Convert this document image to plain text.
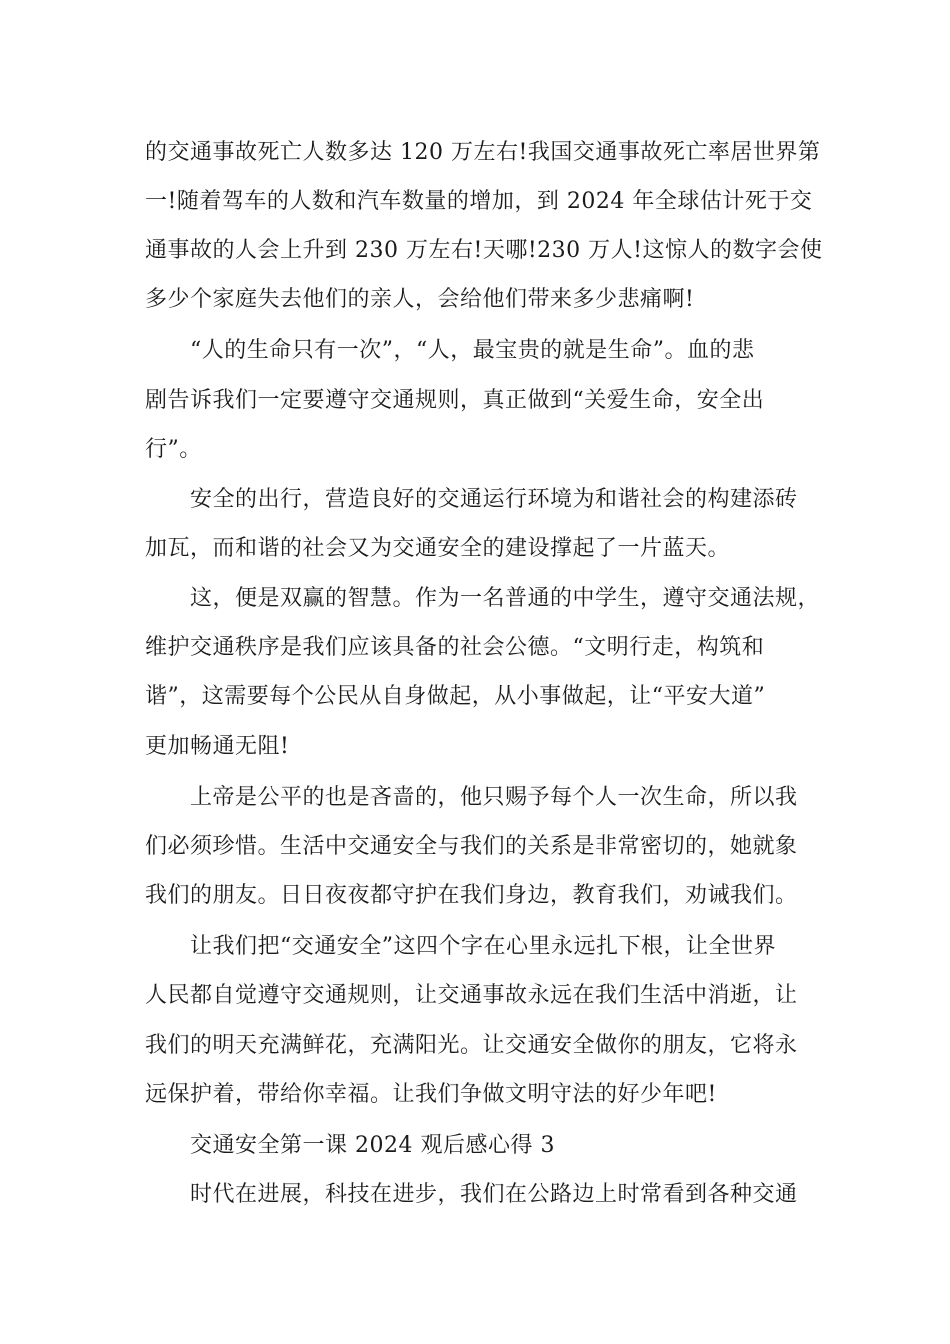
的交通事故死亡人数多达 120 万左右!我国交通事故死亡率居世界第
一!随着驾车的人数和汽车数量的增加，到 2024 年全球估计死于交
通事故的人会上升到 230 万左右!天哪!230 万人!这惊人的数字会使
多少个家庭失去他们的亲人，会给他们带来多少悲痛啊!
“人的生命只有一次”，“人，最宝贵的就是生命”。血的悲
剧告诉我们一定要遵守交通规则，真正做到“关爱生命，安全出
行”。
安全的出行，营造良好的交通运行环境为和谐社会的构建添砖
加瓦，而和谐的社会又为交通安全的建设撑起了一片蓝天。
这，便是双赢的智慧。作为一名普通的中学生，遵守交通法规，
维护交通秩序是我们应该具备的社会公德。“文明行走，构筑和
谐”，这需要每个公民从自身做起，从小事做起，让“平安大道”
更加畅通无阻!
上帝是公平的也是吝啬的，他只赐予每个人一次生命，所以我
们必须珍惜。生活中交通安全与我们的关系是非常密切的，她就象
我们的朋友。日日夜夜都守护在我们身边，教育我们，劝诫我们。
让我们把“交通安全”这四个字在心里永远扎下根，让全世界
人民都自觉遵守交通规则，让交通事故永远在我们生活中消逝，让
我们的明天充满鲜花，充满阳光。让交通安全做你的朋友，它将永
远保护着，带给你幸福。让我们争做文明守法的好少年吧!
交通安全第一课 2024 观后感心得 3
时代在进展，科技在进步，我们在公路边上时常看到各种交通
